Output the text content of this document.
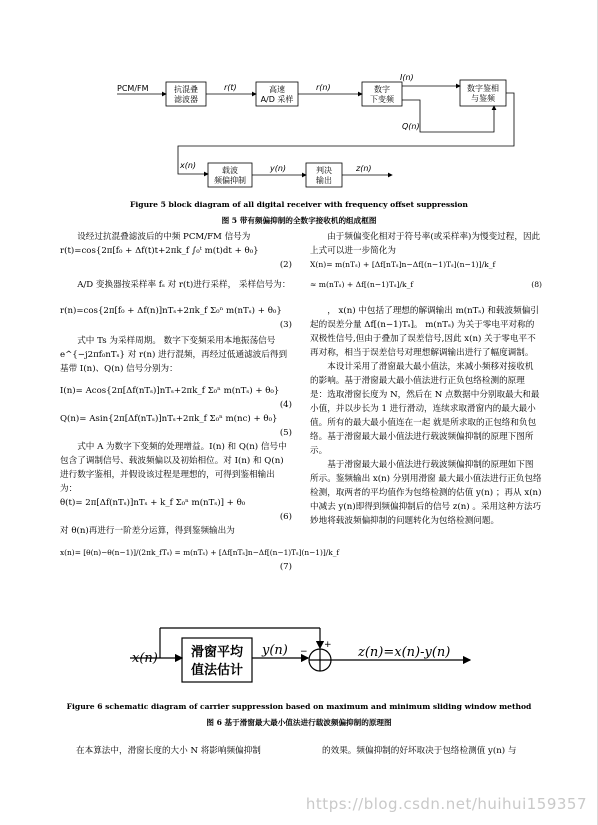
PCM/FM	抗混叠
滤波器
r(t)	高速
A/D 采样
r(n)	数字
下变频
I(n)
数字鉴相
与鉴频
Q(n)
x(n)
载波
频偏抑制
y(n)	判决
输出
z(n)
Figure 5 block diagram of all digital receiver with frequency offset suppression
图 5 带有频偏抑制的全数字接收机的组成框图

设经过抗混叠滤波后的中频 PCM/FM 信号为

r(t)=cos{2π[f₀ + Δf(t)t+2πk_f ∫₀ᵗ m(t)dt + θ₀}

(2)

A/D 变换器按采样率 fₛ 对 r(t)进行采样， 采样信号为：

r(n)=cos{2π[f₀ + Δf(n)]nTₛ+2πk_f Σ₀ⁿ m(nTₛ) + θ₀}

(3)

式中 Ts 为采样周期。 数字下变频采用本地振荡信号 e^{−j2πf₀nTₛ} 对 r(n) 进行混频，再经过低通滤波后得到基带 I(n)、Q(n) 信号分别为：

I(n)= Acos{2π[Δf(nTₛ)]nTₛ+2πk_f Σ₀ⁿ m(nTₛ) + θ₀}

(4)

Q(n)= Asin{2π[Δf(nTₛ)]nTₛ+2πk_f Σ₀ⁿ m(nc) + θ₀}

(5)

式中 A 为数字下变频的处理增益。I(n) 和 Q(n) 信号中包含了调制信号、载波频偏以及初始相位。对 I(n) 和 Q(n) 进行数字鉴相，并假设该过程是理想的，可得到鉴相输出为：

θ(t)= 2π[Δf(nTₛ)]nTₛ + k_f Σ₀ⁿ m(nTₛ)] + θ₀

(6)

对 θ(n)再进行一阶差分运算，得到鉴频输出为

x(n)= [θ(n)−θ(n−1)]/(2πk_fTₛ) = m(nTₛ) + [Δf[nTₛ]n−Δf[(n−1)Tₛ](n−1)]/k_f

(7)

由于频偏变化相对于符号率(或采样率)为慢变过程，因此上式可以进一步简化为

X(n)= m(nTₛ) + [Δf[nTₛ]n−Δf[(n−1)Tₛ](n−1)]/k_f

≈ m(nTₛ) + Δf[(n−1)Tₛ]/k_f	(8)

， x(n) 中包括了理想的解调输出 m(nTₛ) 和载波频偏引起的误差分量 Δf[(n−1)Tₛ]。 m(nTₛ) 为关于零电平对称的双极性信号,但由于叠加了误差信号,因此 x(n) 关于零电平不再对称，相当于误差信号对理想解调输出进行了幅度调制。

本设计采用了滑窗最大最小值法，来减小频移对接收机的影响。基于滑窗最大最小值法进行正负包络检测的原理是：选取滑窗长度为 N，然后在 N 点数据中分别取最大和最小值，并以步长为 1 进行滑动，连续求取滑窗内的最大最小值。所有的最大最小值连在一起 就是所求取的正包络和负包络。基于滑窗最大最小值法进行载波频偏抑制的原理下图所示。

基于滑窗最大最小值法进行载波频偏抑制的原理如下图所示。鉴频输出 x(n) 分别用滑窗 最大最小值法进行正负包络检测，取两者的平均值作为包络检测的估值 y(n) ；再从 x(n) 中减去 y(n)即得到频偏抑制后的信号 z(n) 。采用这种方法巧妙地将载波频偏抑制的问题转化为包络检测问题。

x(n)	滑窗平均
值法估计
y(n)	+
−	z(n)=x(n)-y(n)
Figure 6 schematic diagram of carrier suppression based on maximum and minimum sliding window method
图 6 基于滑窗最大最小值法进行载波频偏抑制的原理图
在本算法中，滑窗长度的大小 N 将影响频偏抑制	的效果。频偏抑制的好坏取决于包络检测值 y(n) 与
https://blog.csdn.net/huihui159357
